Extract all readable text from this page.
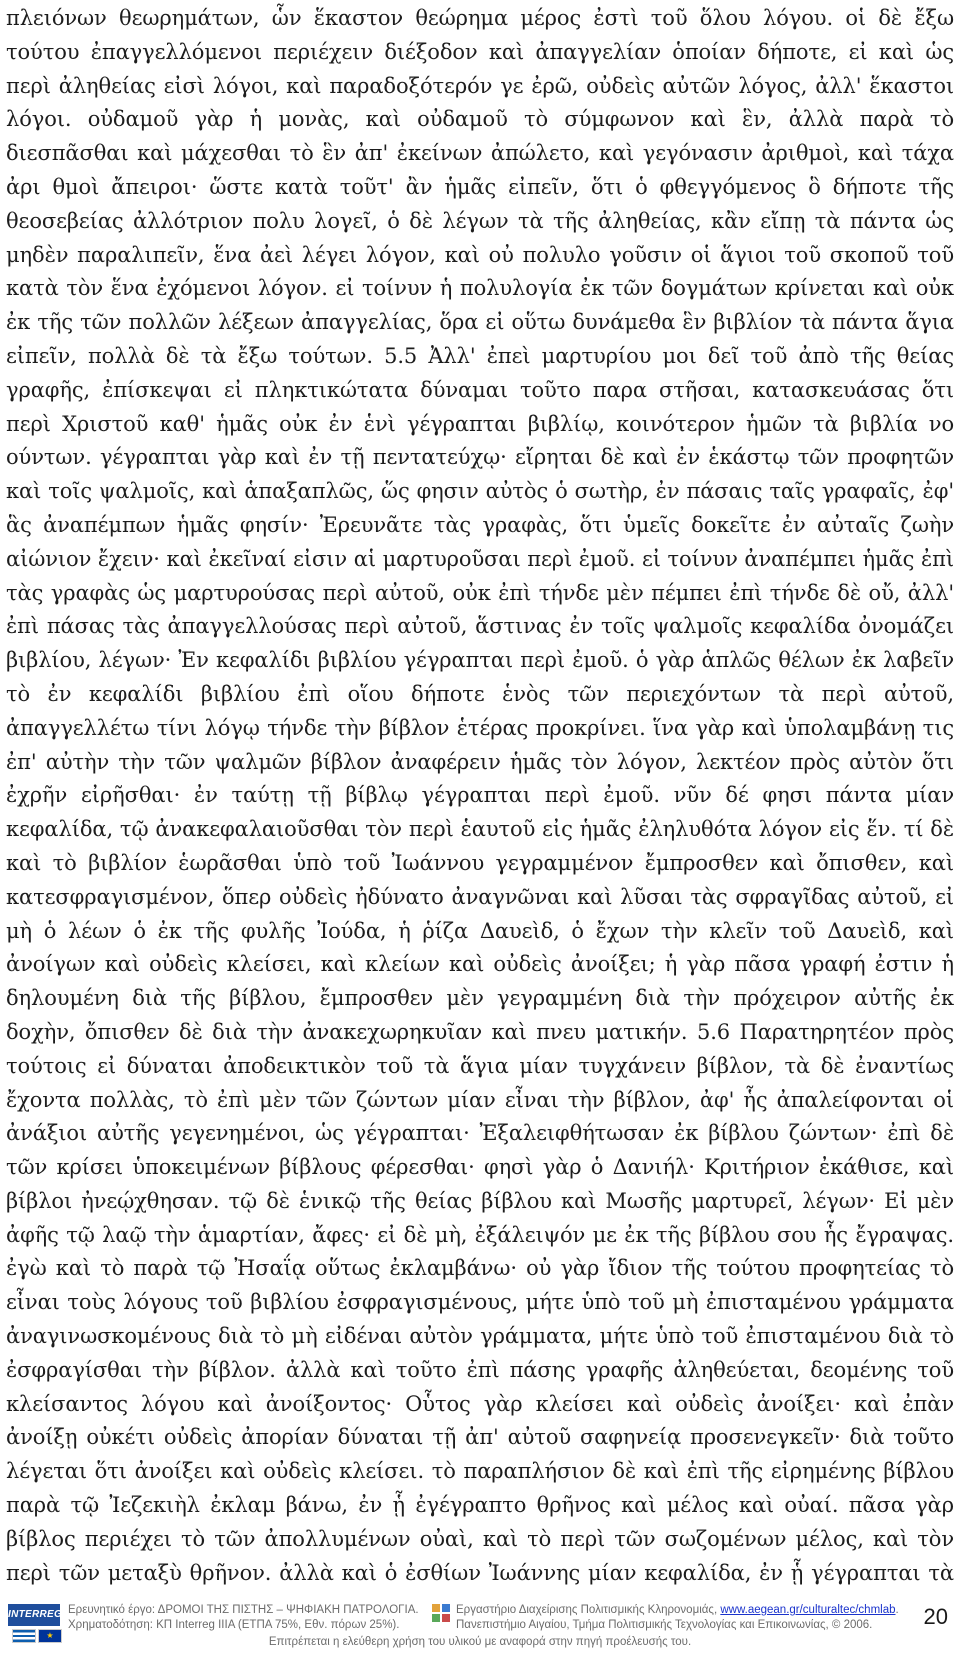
πλειόνων θεωρημάτων, ὧν ἕκαστον θεώρημα μέρος ἐστὶ τοῦ ὅλου λόγου. οἱ δὲ ἔξω τούτου ἐπαγγελλόμενοι περιέχειν διέξοδον καὶ ἀπαγγελίαν ὁποίαν δήποτε, εἰ καὶ ὡς περὶ ἀληθείας εἰσὶ λόγοι, καὶ παραδοξότερόν γε ἐρῶ, οὐδεὶς αὐτῶν λόγος, ἀλλ' ἕκαστοι λόγοι. οὐδαμοῦ γὰρ ἡ μονὰς, καὶ οὐδαμοῦ τὸ σύμφωνον καὶ ἓν, ἀλλὰ παρὰ τὸ διεσπᾶσθαι καὶ μάχεσθαι τὸ ἓν ἀπ' ἐκείνων ἀπώλετο, καὶ γεγόνασιν ἀριθμοὶ, καὶ τάχα ἀρι θμοὶ ἄπειροι· ὥστε κατὰ τοῦτ' ἂν ἡμᾶς εἰπεῖν, ὅτι ὁ φθεγγόμενος ὃ δήποτε τῆς θεοσεβείας ἀλλότριον πολυ λογεῖ, ὁ δὲ λέγων τὰ τῆς ἀληθείας, κἂν εἴπῃ τὰ πάντα ὡς μηδὲν παραλιπεῖν, ἕνα ἀεὶ λέγει λόγον, καὶ οὐ πολυλο γοῦσιν οἱ ἅγιοι τοῦ σκοποῦ τοῦ κατὰ τὸν ἕνα ἐχόμενοι λόγον. εἰ τοίνυν ἡ πολυλογία ἐκ τῶν δογμάτων κρίνεται καὶ οὐκ ἐκ τῆς τῶν πολλῶν λέξεων ἀπαγγελίας, ὅρα εἰ οὕτω δυνάμεθα ἓν βιβλίον τὰ πάντα ἅγια εἰπεῖν, πολλὰ δὲ τὰ ἔξω τούτων. 5.5 Ἀλλ' ἐπεὶ μαρτυρίου μοι δεῖ τοῦ ἀπὸ τῆς θείας γραφῆς, ἐπίσκεψαι εἰ πληκτικώτατα δύναμαι τοῦτο παρα στῆσαι, κατασκευάσας ὅτι περὶ Χριστοῦ καθ' ἡμᾶς οὐκ ἐν ἑνὶ γέγραπται βιβλίῳ, κοινότερον ἡμῶν τὰ βιβλία νο ούντων. γέγραπται γὰρ καὶ ἐν τῇ πεντατεύχῳ· εἴρηται δὲ καὶ ἐν ἑκάστῳ τῶν προφητῶν καὶ τοῖς ψαλμοῖς, καὶ ἁπαξαπλῶς, ὥς φησιν αὐτὸς ὁ σωτὴρ, ἐν πάσαις ταῖς γραφαῖς, ἐφ' ἃς ἀναπέμπων ἡμᾶς φησίν· Ἐρευνᾶτε τὰς γραφὰς, ὅτι ὑμεῖς δοκεῖτε ἐν αὐταῖς ζωὴν αἰώνιον ἔχειν· καὶ ἐκεῖναί εἰσιν αἱ μαρτυροῦσαι περὶ ἐμοῦ. εἰ τοίνυν ἀναπέμπει ἡμᾶς ἐπὶ τὰς γραφὰς ὡς μαρτυρούσας περὶ αὐτοῦ, οὐκ ἐπὶ τήνδε μὲν πέμπει ἐπὶ τήνδε δὲ οὔ, ἀλλ' ἐπὶ πάσας τὰς ἀπαγγελλούσας περὶ αὐτοῦ, ἅστινας ἐν τοῖς ψαλμοῖς κεφαλίδα ὀνομάζει βιβλίου, λέγων· Ἐν κεφαλίδι βιβλίου γέγραπται περὶ ἐμοῦ. ὁ γὰρ ἁπλῶς θέλων ἐκ λαβεῖν τὸ ἐν κεφαλίδι βιβλίου ἐπὶ οἵου δήποτε ἑνὸς τῶν περιεχόντων τὰ περὶ αὐτοῦ, ἀπαγγελλέτω τίνι λόγῳ τήνδε τὴν βίβλον ἑτέρας προκρίνει. ἵνα γὰρ καὶ ὑπολαμβάνῃ τις ἐπ' αὐτὴν τὴν τῶν ψαλμῶν βίβλον ἀναφέρειν ἡμᾶς τὸν λόγον, λεκτέον πρὸς αὐτὸν ὅτι ἐχρῆν εἰρῆσθαι· ἐν ταύτῃ τῇ βίβλῳ γέγραπται περὶ ἐμοῦ. νῦν δέ φησι πάντα μίαν κεφαλίδα, τῷ ἀνακεφαλαιοῦσθαι τὸν περὶ ἑαυτοῦ εἰς ἡμᾶς ἐληλυθότα λόγον εἰς ἕν. τί δὲ καὶ τὸ βιβλίον ἑωρᾶσθαι ὑπὸ τοῦ Ἰωάννου γεγραμμένον ἔμπροσθεν καὶ ὄπισθεν, καὶ κατεσφραγισμένον, ὅπερ οὐδεὶς ἠδύνατο ἀναγνῶναι καὶ λῦσαι τὰς σφραγῖδας αὐτοῦ, εἰ μὴ ὁ λέων ὁ ἐκ τῆς φυλῆς Ἰούδα, ἡ ῥίζα Δαυεὶδ, ὁ ἔχων τὴν κλεῖν τοῦ Δαυεὶδ, καὶ ἀνοίγων καὶ οὐδεὶς κλείσει, καὶ κλείων καὶ οὐδεὶς ἀνοίξει; ἡ γὰρ πᾶσα γραφή ἐστιν ἡ δηλουμένη διὰ τῆς βίβλου, ἔμπροσθεν μὲν γεγραμμένη διὰ τὴν πρόχειρον αὐτῆς ἐκ δοχὴν, ὄπισθεν δὲ διὰ τὴν ἀνακεχωρηκυῖαν καὶ πνευ ματικήν. 5.6 Παρατηρητέον πρὸς τούτοις εἰ δύναται ἀποδεικτικὸν τοῦ τὰ ἅγια μίαν τυγχάνειν βίβλον, τὰ δὲ ἐναντίως ἔχοντα πολλὰς, τὸ ἐπὶ μὲν τῶν ζώντων μίαν εἶναι τὴν βίβλον, ἀφ' ἧς ἀπαλείφονται οἱ ἀνάξιοι αὐτῆς γεγενημένοι, ὡς γέγραπται· Ἐξαλειφθήτωσαν ἐκ βίβλου ζώντων· ἐπὶ δὲ τῶν κρίσει ὑποκειμένων βίβλους φέρεσθαι· φησὶ γὰρ ὁ Δανιήλ· Κριτήριον ἐκάθισε, καὶ βίβλοι ἠνεῴχθησαν. τῷ δὲ ἑνικῷ τῆς θείας βίβλου καὶ Μωσῆς μαρτυρεῖ, λέγων· Εἰ μὲν ἀφῆς τῷ λαῷ τὴν ἁμαρτίαν, ἄφες· εἰ δὲ μὴ, ἐξάλειψόν με ἐκ τῆς βίβλου σου ἧς ἔγραψας. ἐγὼ καὶ τὸ παρὰ τῷ Ἠσαΐᾳ οὕτως ἐκλαμβάνω· οὐ γὰρ ἴδιον τῆς τούτου προφητείας τὸ εἶναι τοὺς λόγους τοῦ βιβλίου ἐσφραγισμένους, μήτε ὑπὸ τοῦ μὴ ἐπισταμένου γράμματα ἀναγινωσκομένους διὰ τὸ μὴ εἰδέναι αὐτὸν γράμματα, μήτε ὑπὸ τοῦ ἐπισταμένου διὰ τὸ ἐσφραγίσθαι τὴν βίβλον. ἀλλὰ καὶ τοῦτο ἐπὶ πάσης γραφῆς ἀληθεύεται, δεομένης τοῦ κλείσαντος λόγου καὶ ἀνοίξοντος· Οὗτος γὰρ κλείσει καὶ οὐδεὶς ἀνοίξει· καὶ ἐπὰν ἀνοίξῃ οὐκέτι οὐδεὶς ἀπορίαν δύναται τῇ ἀπ' αὐτοῦ σαφηνείᾳ προσενεγκεῖν· διὰ τοῦτο λέγεται ὅτι ἀνοίξει καὶ οὐδεὶς κλείσει. τὸ παραπλήσιον δὲ καὶ ἐπὶ τῆς εἰρημένης βίβλου παρὰ τῷ Ἰεζεκιὴλ ἐκλαμ βάνω, ἐν ᾗ ἐγέγραπτο θρῆνος καὶ μέλος καὶ οὐαί. πᾶσα γὰρ βίβλος περιέχει τὸ τῶν ἀπολλυμένων οὐαὶ, καὶ τὸ περὶ τῶν σωζομένων μέλος, καὶ τὸν περὶ τῶν μεταξὺ θρῆνον. ἀλλὰ καὶ ὁ ἐσθίων Ἰωάννης μίαν κεφαλίδα, ἐν ᾗ γέγραπται τὰ

INTERREG
★
Ερευνητικό έργο: ΔΡΟΜΟΙ ΤΗΣ ΠΙΣΤΗΣ – ΨΗΦΙΑΚΗ ΠΑΤΡΟΛΟΓΙΑ.
Χρηματοδότηση: ΚΠ Interreg IIIA (ΕΤΠΑ 75%, Εθν. πόρων 25%).
Εργαστήριο Διαχείρισης Πολιτισμικής Κληρονομιάς, www.aegean.gr/culturaltec/chmlab.
Πανεπιστήμιο Αιγαίου, Τμήμα Πολιτισμικής Τεχνολογίας και Επικοινωνίας, © 2006.	20
Επιτρέπεται η ελεύθερη χρήση του υλικού με αναφορά στην πηγή προέλευσής του.
